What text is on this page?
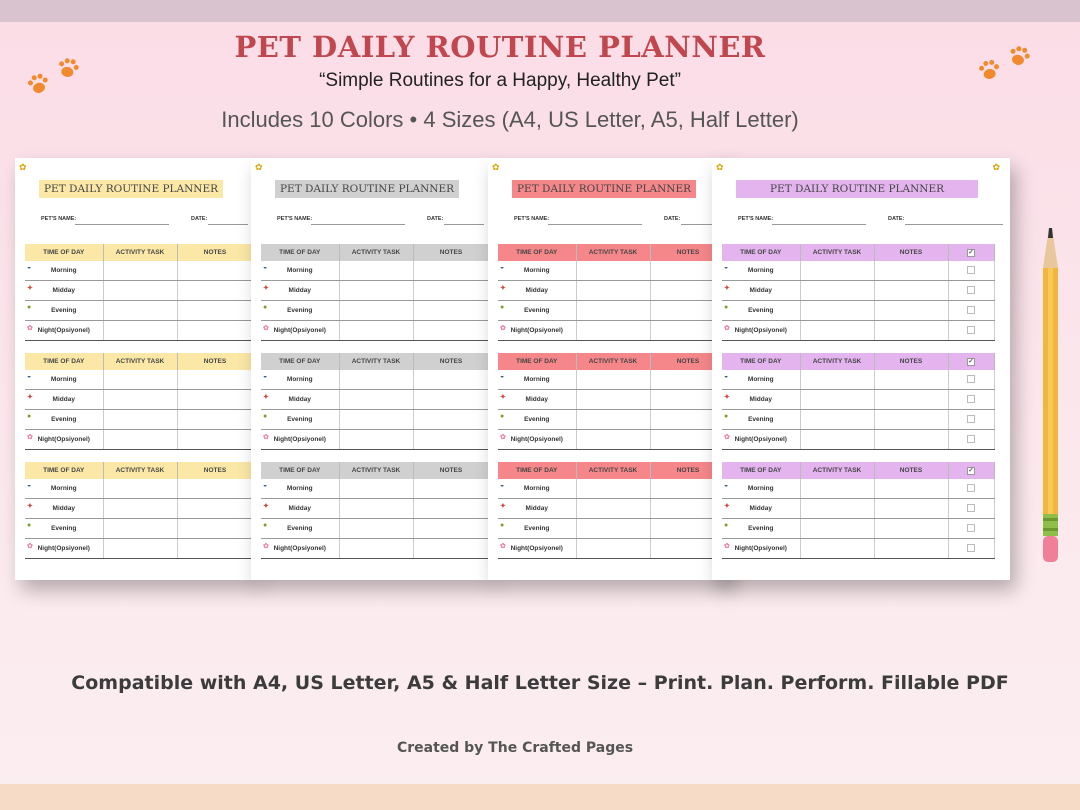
PET DAILY ROUTINE PLANNER
“Simple Routines for a Happy, Healthy Pet”
Includes 10 Colors • 4 Sizes (A4, US Letter, A5, Half Letter)
✿
PET DAILY ROUTINE PLANNER
PET'S NAME:	DATE:
TIME OF DAY	ACTIVITY TASK	NOTES

◒ Morning		

✦ Midday		

● Evening		

✿ Night(Opsiyonel)		
TIME OF DAY	ACTIVITY TASK	NOTES

◒ Morning		

✦ Midday		

● Evening		

✿ Night(Opsiyonel)		
TIME OF DAY	ACTIVITY TASK	NOTES

◒ Morning		

✦ Midday		

● Evening		

✿ Night(Opsiyonel)		
✿
PET DAILY ROUTINE PLANNER
PET'S NAME:	DATE:
TIME OF DAY	ACTIVITY TASK	NOTES

◒ Morning		

✦ Midday		

● Evening		

✿ Night(Opsiyonel)		
TIME OF DAY	ACTIVITY TASK	NOTES

◒ Morning		

✦ Midday		

● Evening		

✿ Night(Opsiyonel)		
TIME OF DAY	ACTIVITY TASK	NOTES

◒ Morning		

✦ Midday		

● Evening		

✿ Night(Opsiyonel)		
✿
PET DAILY ROUTINE PLANNER
PET'S NAME:	DATE:
TIME OF DAY	ACTIVITY TASK	NOTES

◒ Morning		

✦ Midday		

● Evening		

✿ Night(Opsiyonel)		
TIME OF DAY	ACTIVITY TASK	NOTES

◒ Morning		

✦ Midday		

● Evening		

✿ Night(Opsiyonel)		
TIME OF DAY	ACTIVITY TASK	NOTES

◒ Morning		

✦ Midday		

● Evening		

✿ Night(Opsiyonel)		
✿	✿
PET DAILY ROUTINE PLANNER
PET'S NAME:	DATE:
TIME OF DAY	ACTIVITY TASK	NOTES	✓

◒ Morning			

✦ Midday			

● Evening			

✿ Night(Opsiyonel)			
TIME OF DAY	ACTIVITY TASK	NOTES	✓

◒ Morning			

✦ Midday			

● Evening			

✿ Night(Opsiyonel)			
TIME OF DAY	ACTIVITY TASK	NOTES	✓

◒ Morning			

✦ Midday			

● Evening			

✿ Night(Opsiyonel)			
Compatible with A4, US Letter, A5 & Half Letter Size – Print. Plan. Perform. Fillable PDF
Created by The Crafted Pages
